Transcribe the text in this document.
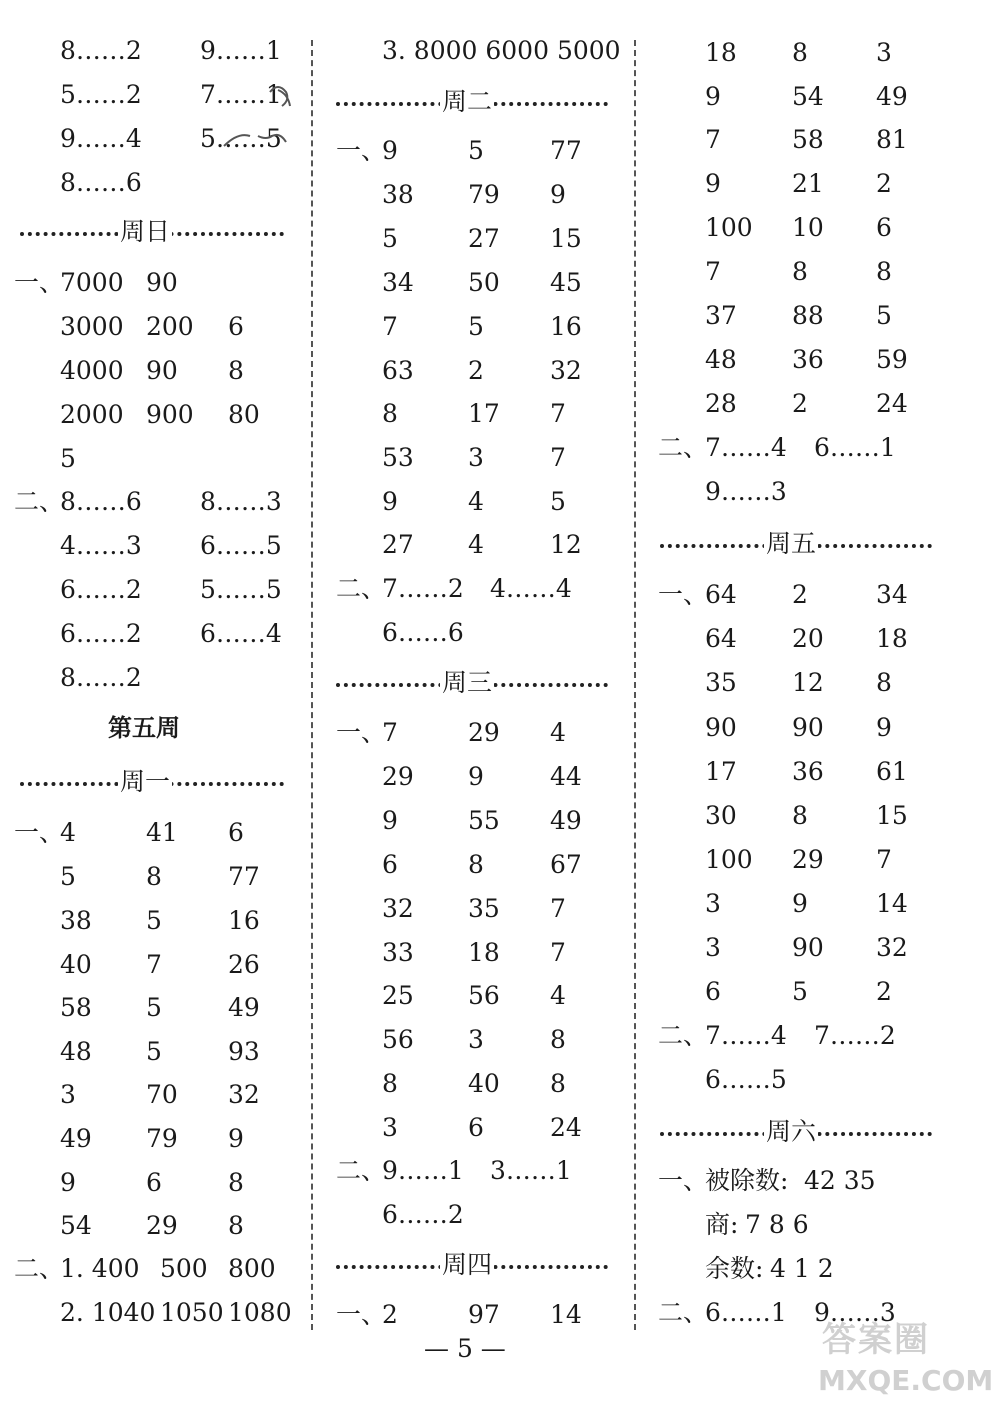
8……2 9……1
5……2 7……1
9……4 5……5
8……6
周日
一、
7000 90
3000 200 6
4000 90 8
2000 900 80
5
二、
8……6 8……3
4……3 6……5
6……2 5……5
6……2 6……4
8……2
第五周
周一
一、
4	41 6
5	8	77
38 5	16
40 7	26
58 5	49
48 5	93
3	70 32
49 79 9
9	6	8
54 29 8
二、
1. 400 500 800
2. 1040 1050 1080
3. 8000 6000 5000
周二
一、
9	5	77
38 79 9
5	27 15
34 50 45
7	5	16
63 2	32
8	17 7
53 3	7
9	4	5
27 4	12
二、
7……2 4……4
6……6
周三
一、
7	29 4
29 9	44
9	55 49
6	8	67
32 35 7
33 18 7
25 56 4
56 3	8
8	40 8
3	6	24
二、
9……1 3……1
6……2
周四
一、
2	97 14
18 8	3
9	54 49
7	58 81
9	21 2
100 10 6
7	8	8
37 88 5
48 36 59
28 2	24
二、
7……4 6……1
9……3
周五
一、
64 2	34
64 20 18
35 12 8
90 90 9
17 36 61
30 8	15
100 29 7
3	9	14
3	90 32
6	5	2
二、
7……4 7……2
6……5
周六
一、
被除数: 42 35
商: 7 8 6
余数: 4 1 2
二、
6……1 9……3
— 5 —	答案圈
MXQE.COM
